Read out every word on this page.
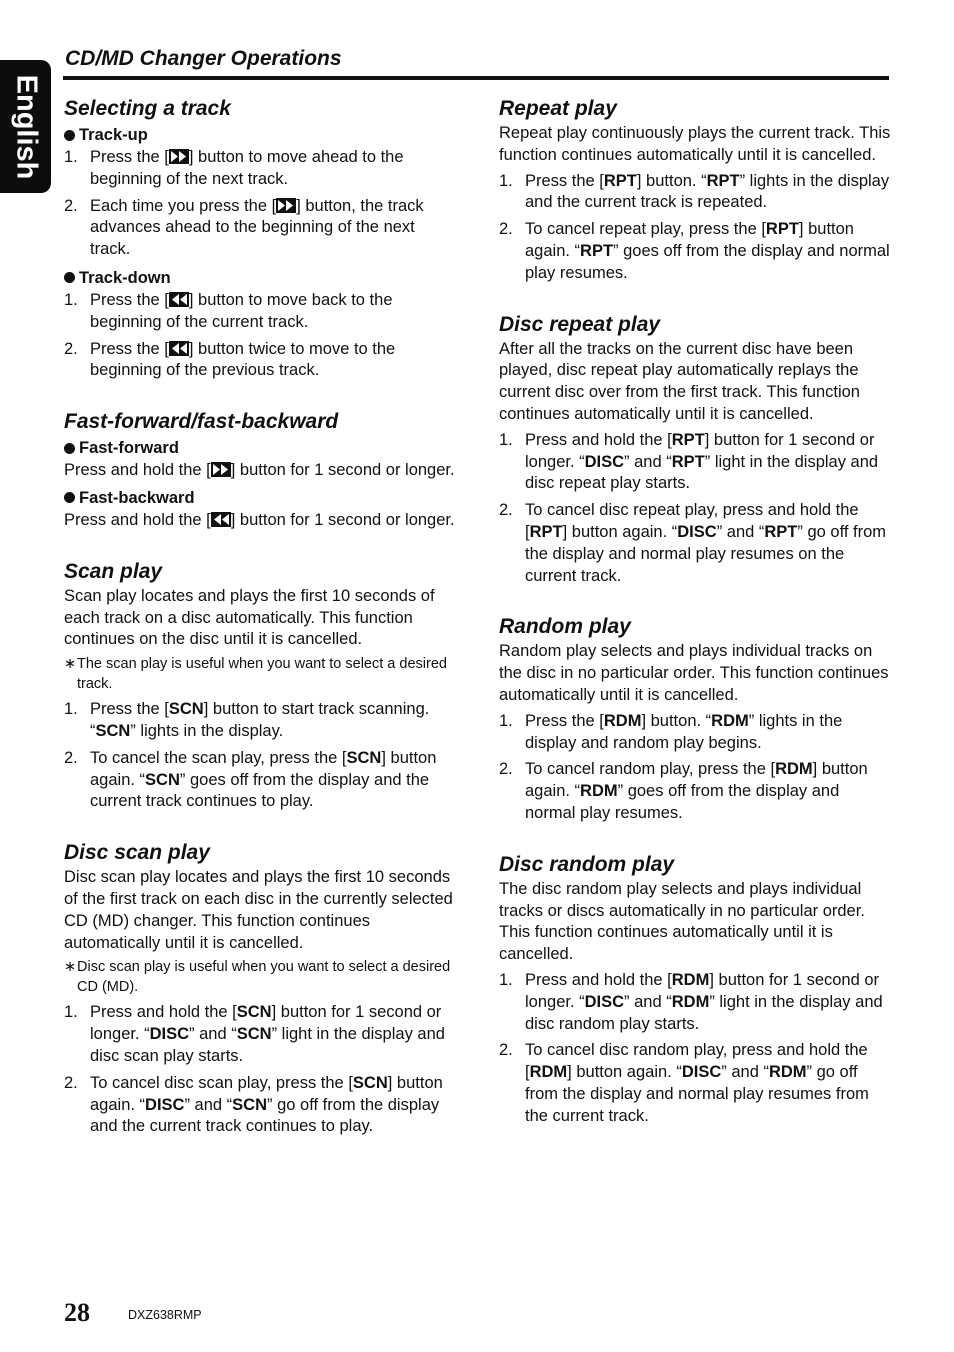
English
CD/MD Changer Operations
Selecting a track
Track-up
1. Press the [ ] button to move ahead to the beginning of the next track.
2. Each time you press the [ ] button, the track advances ahead to the beginning of the next track.
Track-down
1. Press the [ ] button to move back to the beginning of the current track.
2. Press the [ ] button twice to move to the beginning of the previous track.
Fast-forward/fast-backward
Fast-forward

Press and hold the [ ] button for 1 second or longer.

Fast-backward

Press and hold the [ ] button for 1 second or longer.

Scan play

Scan play locates and plays the first 10 seconds of each track on a disc automatically. This function continues on the disc until it is cancelled.

∗ The scan play is useful when you want to select a desired track.
1. Press the [SCN] button to start track scanning. “SCN” lights in the display.
2. To cancel the scan play, press the [SCN] button again. “SCN” goes off from the display and the current track continues to play.
Disc scan play

Disc scan play locates and plays the first 10 seconds of the first track on each disc in the currently selected CD (MD) changer. This function continues automatically until it is cancelled.

∗ Disc scan play is useful when you want to select a desired CD (MD).
1. Press and hold the [SCN] button for 1 second or longer. “DISC” and “SCN” light in the display and disc scan play starts.
2. To cancel disc scan play, press the [SCN] button again. “DISC” and “SCN” go off from the display and the current track continues to play.
Repeat play

Repeat play continuously plays the current track. This function continues automatically until it is cancelled.

1. Press the [RPT] button. “RPT” lights in the display and the current track is repeated.
2. To cancel repeat play, press the [RPT] button again. “RPT” goes off from the display and normal play resumes.
Disc repeat play

After all the tracks on the current disc have been played, disc repeat play automatically replays the current disc over from the first track. This function continues automatically until it is cancelled.

1. Press and hold the [RPT] button for 1 second or longer. “DISC” and “RPT” light in the display and disc repeat play starts.
2. To cancel disc repeat play, press and hold the [RPT] button again. “DISC” and “RPT” go off from the display and normal play resumes on the current track.
Random play

Random play selects and plays individual tracks on the disc in no particular order. This function continues automatically until it is cancelled.

1. Press the [RDM] button. “RDM” lights in the display and random play begins.
2. To cancel random play, press the [RDM] button again. “RDM” goes off from the display and normal play resumes.
Disc random play

The disc random play selects and plays individual tracks or discs automatically in no particular order. This function continues automatically until it is cancelled.

1. Press and hold the [RDM] button for 1 second or longer. “DISC” and “RDM” light in the display and disc random play starts.
2. To cancel disc random play, press and hold the [RDM] button again. “DISC” and “RDM” go off from the display and normal play resumes from the current track.
28	DXZ638RMP
